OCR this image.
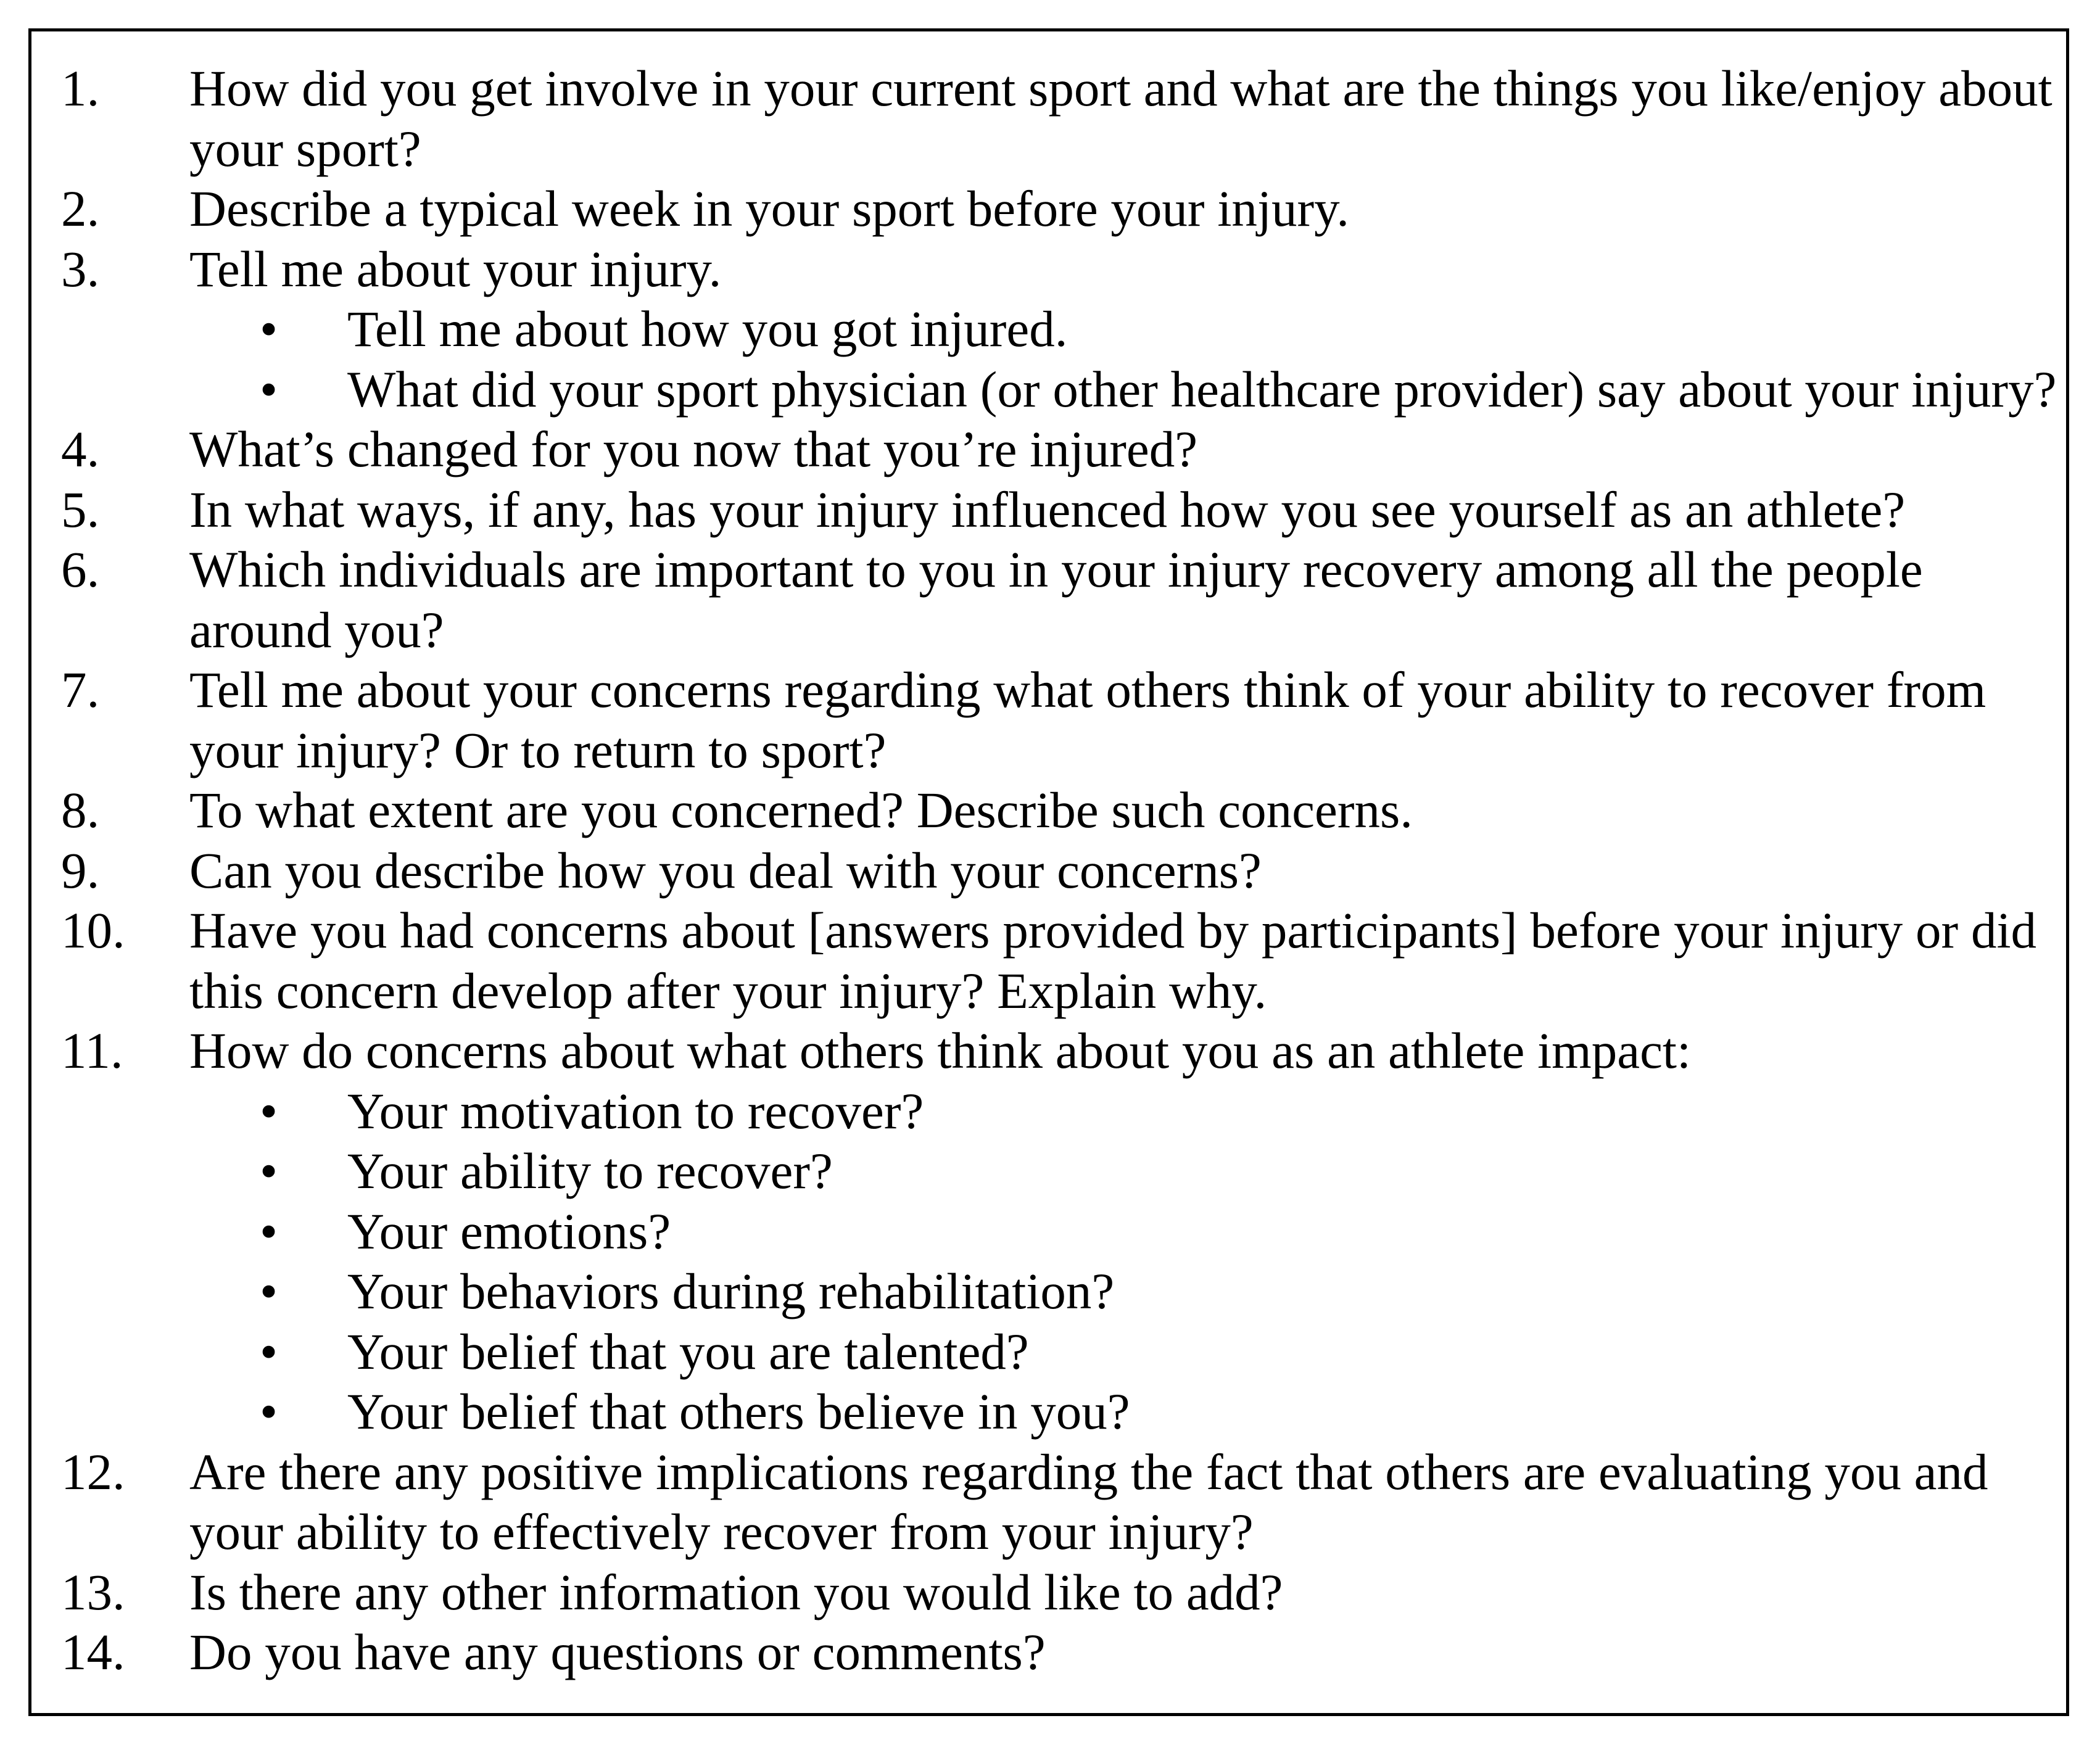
1. How did you get involve in your current sport and what are the things you like/enjoy about your sport?
2. Describe a typical week in your sport before your injury.
3. Tell me about your injury.
• Tell me about how you got injured.
• What did your sport physician (or other healthcare provider) say about your injury?
4. What’s changed for you now that you’re injured?
5. In what ways, if any, has your injury influenced how you see yourself as an athlete?
6. Which individuals are important to you in your injury recovery among all the people around you?
7. Tell me about your concerns regarding what others think of your ability to recover from your injury? Or to return to sport?
8. To what extent are you concerned? Describe such concerns.
9. Can you describe how you deal with your concerns?
10. Have you had concerns about [answers provided by participants] before your injury or did this concern develop after your injury? Explain why.
11. How do concerns about what others think about you as an athlete impact:
• Your motivation to recover?
• Your ability to recover?
• Your emotions?
• Your behaviors during rehabilitation?
• Your belief that you are talented?
• Your belief that others believe in you?
12. Are there any positive implications regarding the fact that others are evaluating you and your ability to effectively recover from your injury?
13. Is there any other information you would like to add?
14. Do you have any questions or comments?
